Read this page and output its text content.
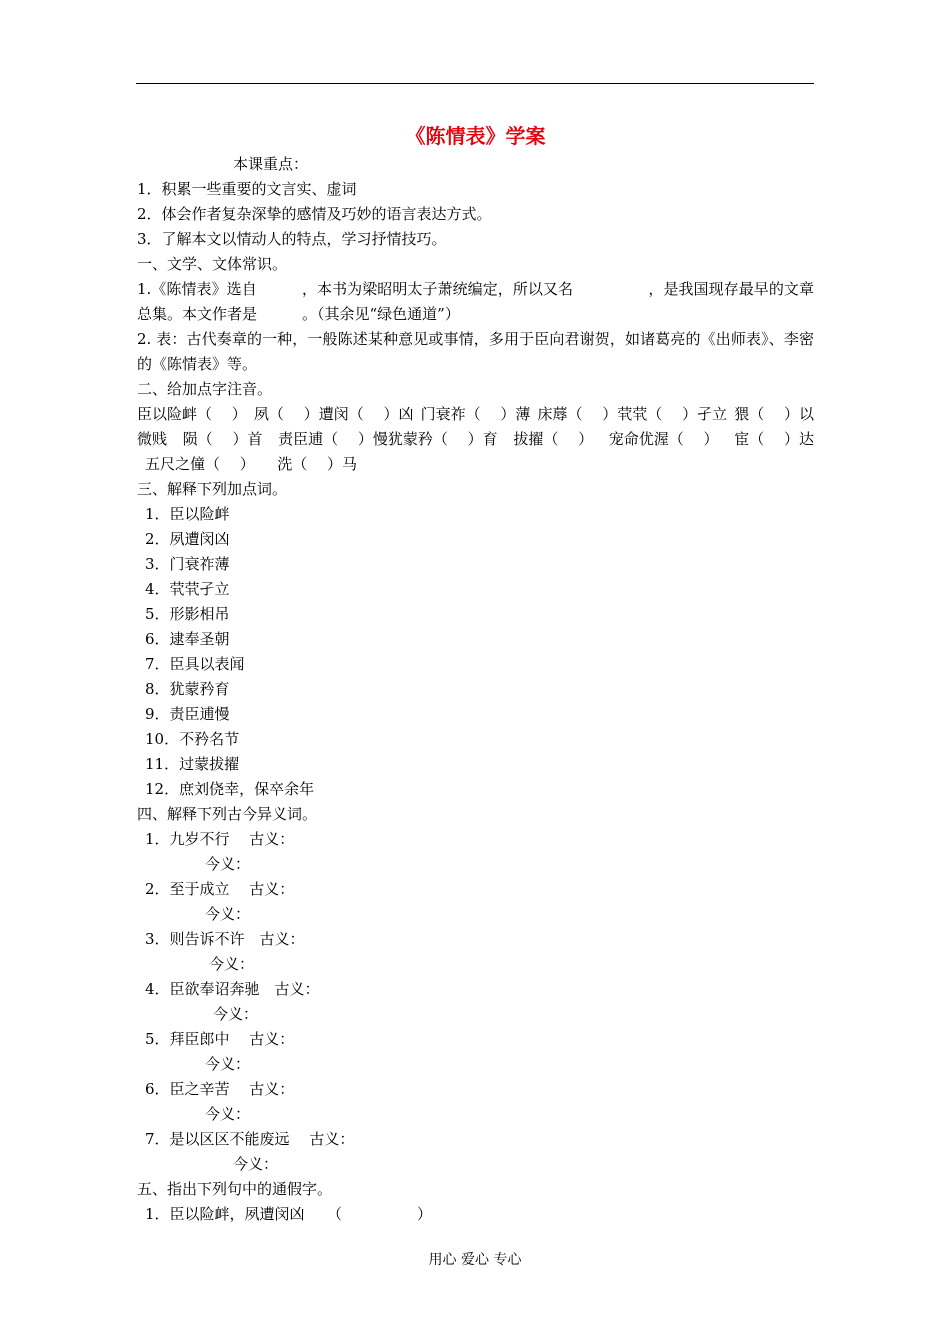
《陈情表》学案
本课重点：
1．积累一些重要的文言实、虚词
2．体会作者复杂深挚的感情及巧妙的语言表达方式。
3．了解本文以情动人的特点，学习抒情技巧。
一、文学、文体常识。
1.《陈情表》选自　　　，本书为梁昭明太子萧统编定，所以又名　　　　　，是我国现存最早的文章总集。本文作者是　　　。（其余见“绿色通道”）
2. 表：古代奏章的一种，一般陈述某种意见或事情，多用于臣向君谢贺，如诸葛亮的《出师表》、李密的《陈情表》等。
二、给加点字注音。
臣以险衅（　 ） 夙（　 ）遭闵（　 ）凶 门衰祚（　 ）薄 床蓐（　 ）茕茕（　 ）孑立 猥（　 ）以
微贱 陨（　 ）首 责臣逋（　 ）慢犹蒙矜（　 ）育 拔擢（　 ） 宠命优渥（　 ） 宦（　 ）达
五尺之僮（　 ）　　洗（　 ）马
三、解释下列加点词。
1．臣以险衅
2．夙遭闵凶
3．门衰祚薄
4．茕茕孑立
5．形影相吊
6．逮奉圣朝
7．臣具以表闻
8．犹蒙矜育
9．责臣逋慢
10．不矜名节
11．过蒙拔擢
12．庶刘侥幸，保卒余年
四、解释下列古今异义词。
1．九岁不行　 古义：
今义：
2．至于成立　 古义：
今义：
3．则告诉不许　古义：
今义：
4．臣欲奉诏奔驰　古义：
今义：
5．拜臣郎中　 古义：
今义：
6．臣之辛苦　 古义：
今义：
7．是以区区不能废远　 古义：
今义：
五、指出下列句中的通假字。
1．臣以险衅，夙遭闵凶　　（　　　　　）
用心 爱心 专心
